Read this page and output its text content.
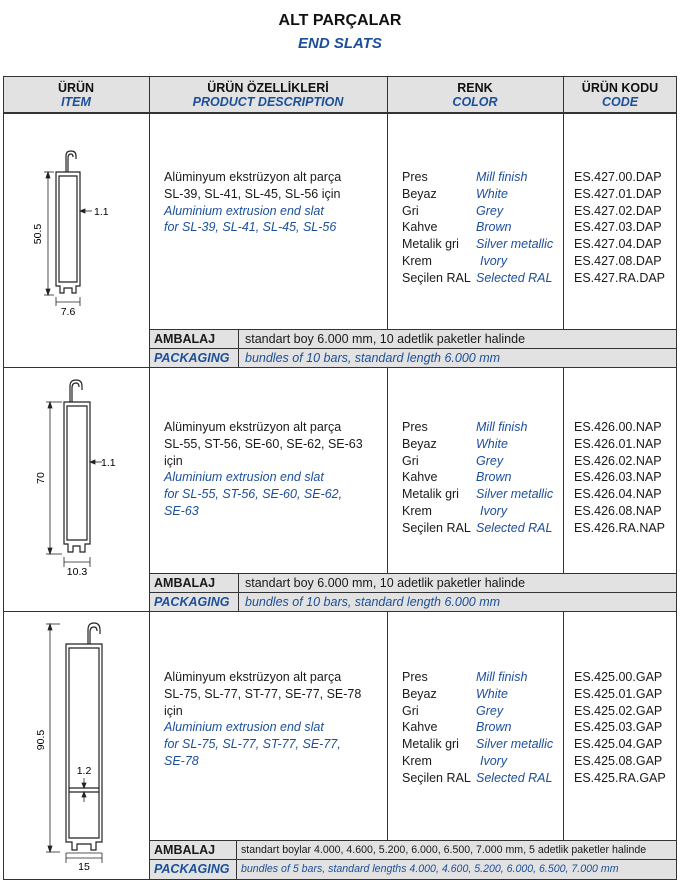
ALT PARÇALAR
END SLATS
ÜRÜN
ITEM
ÜRÜN ÖZELLİKLERİ
PRODUCT DESCRIPTION
RENK
COLOR
ÜRÜN KODU
CODE
50.5
7.6
1.1
Alüminyum ekstrüzyon alt parça
SL-39, SL-41, SL-45, SL-56 için
Aluminium extrusion end slat
for SL-39, SL-41, SL-45, SL-56
Pres
Beyaz
Gri
Kahve
Metalik gri
Krem
Seçilen RAL
Mill finish
White
Grey
Brown
Silver metallic
Ivory
Selected RAL
ES.427.00.DAP
ES.427.01.DAP
ES.427.02.DAP
ES.427.03.DAP
ES.427.04.DAP
ES.427.08.DAP
ES.427.RA.DAP
AMBALAJ
PACKAGING
standart boy 6.000 mm, 10 adetlik paketler halinde
bundles of 10 bars, standard length 6.000 mm
70
10.3
1.1
Alüminyum ekstrüzyon alt parça
SL-55, ST-56, SE-60, SE-62, SE-63
için
Aluminium extrusion end slat
for SL-55, ST-56, SE-60, SE-62,
SE-63
Pres
Beyaz
Gri
Kahve
Metalik gri
Krem
Seçilen RAL
Mill finish
White
Grey
Brown
Silver metallic
Ivory
Selected RAL
ES.426.00.NAP
ES.426.01.NAP
ES.426.02.NAP
ES.426.03.NAP
ES.426.04.NAP
ES.426.08.NAP
ES.426.RA.NAP
AMBALAJ
PACKAGING
standart boy 6.000 mm, 10 adetlik paketler halinde
bundles of 10 bars, standard length 6.000 mm
90.5
15
1.2
Alüminyum ekstrüzyon alt parça
SL-75, SL-77, ST-77, SE-77, SE-78
için
Aluminium extrusion end slat
for SL-75, SL-77, ST-77, SE-77,
SE-78
Pres
Beyaz
Gri
Kahve
Metalik gri
Krem
Seçilen RAL
Mill finish
White
Grey
Brown
Silver metallic
Ivory
Selected RAL
ES.425.00.GAP
ES.425.01.GAP
ES.425.02.GAP
ES.425.03.GAP
ES.425.04.GAP
ES.425.08.GAP
ES.425.RA.GAP
AMBALAJ
PACKAGING
standart boylar 4.000, 4.600, 5.200, 6.000, 6.500, 7.000 mm, 5 adetlik paketler halinde
bundles of 5 bars, standard lengths 4.000, 4.600, 5.200, 6.000, 6.500, 7.000 mm
